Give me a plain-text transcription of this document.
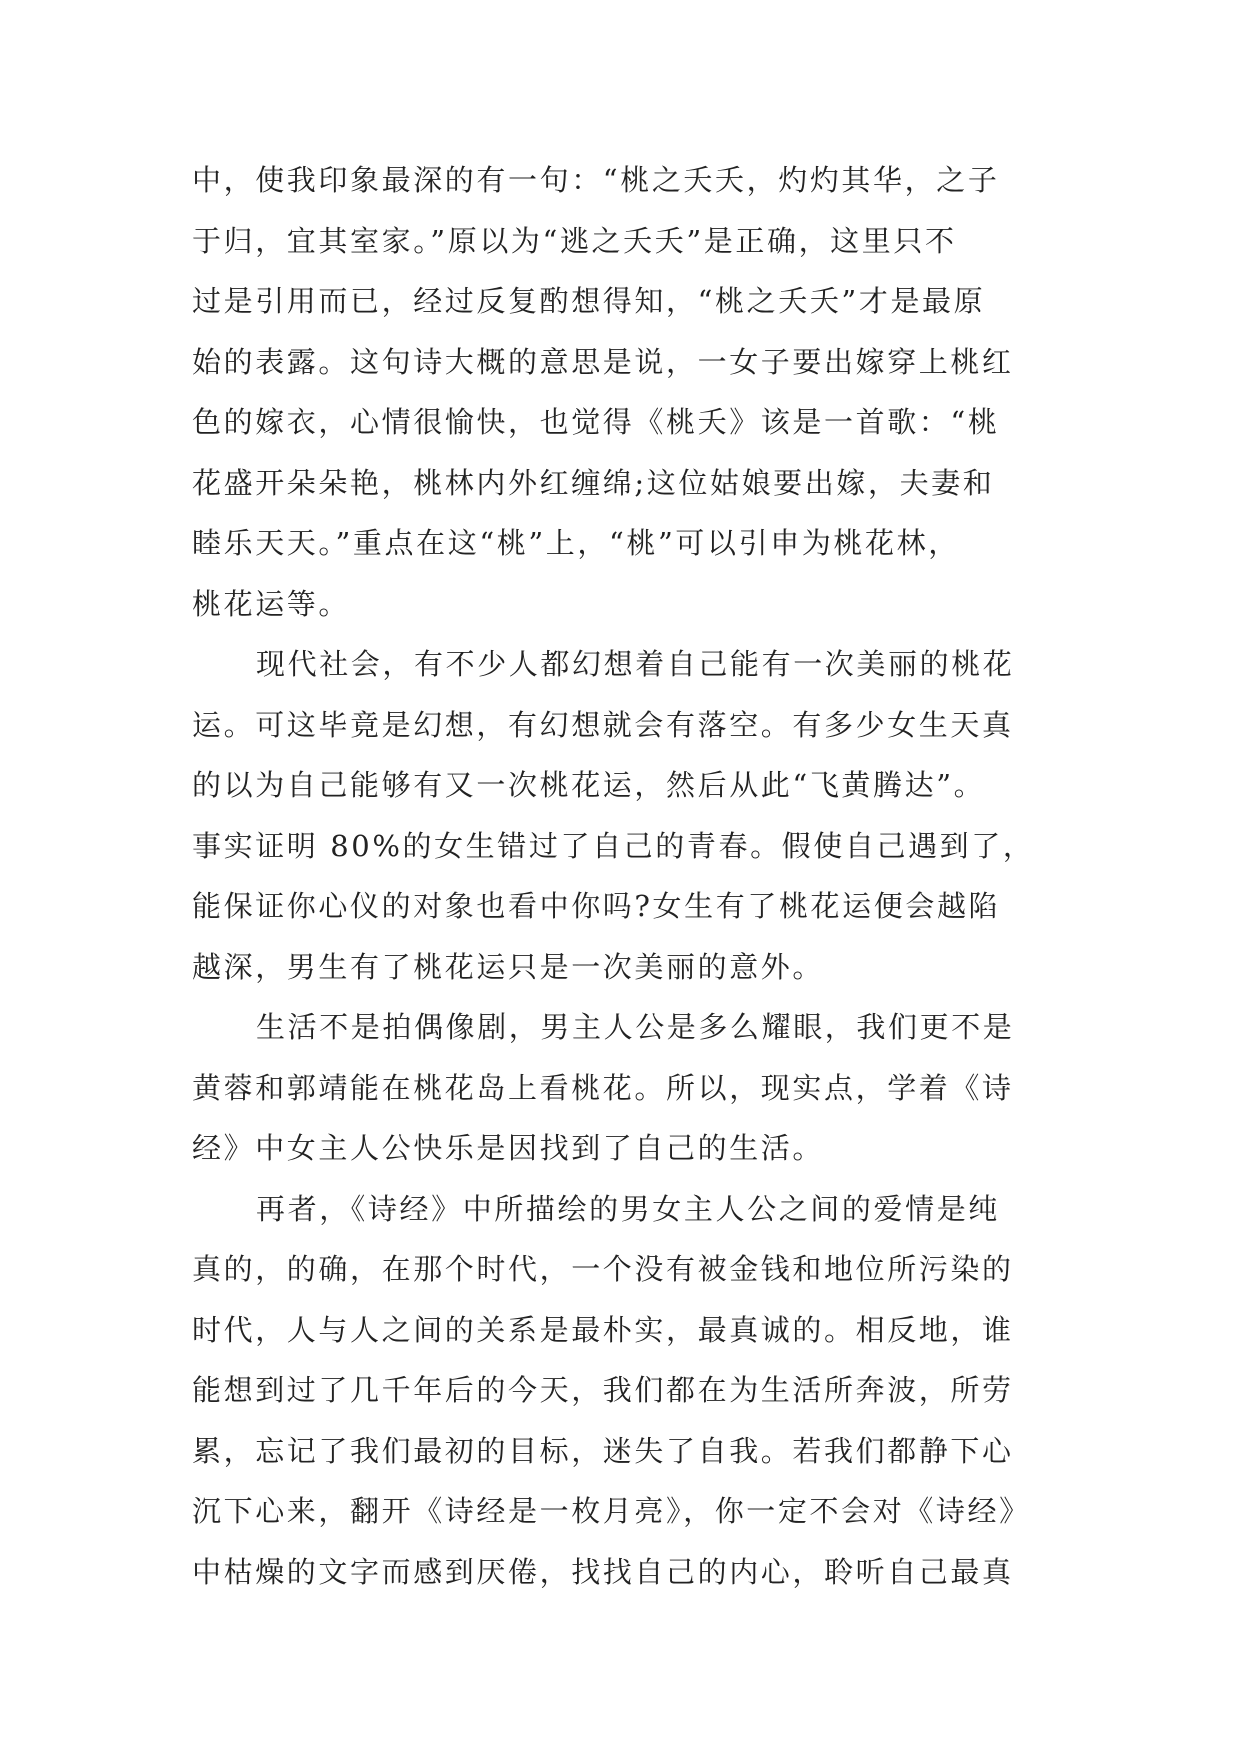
中，使我印象最深的有一句：“桃之夭夭，灼灼其华，之子
于归，宜其室家。”原以为“逃之夭夭”是正确，这里只不
过是引用而已，经过反复酌想得知，“桃之夭夭”才是最原
始的表露。这句诗大概的意思是说，一女子要出嫁穿上桃红
色的嫁衣，心情很愉快，也觉得《桃夭》该是一首歌：“桃
花盛开朵朵艳，桃林内外红缠绵;这位姑娘要出嫁，夫妻和
睦乐天天。”重点在这“桃”上，“桃”可以引申为桃花林，
桃花运等。
现代社会，有不少人都幻想着自己能有一次美丽的桃花
运。可这毕竟是幻想，有幻想就会有落空。有多少女生天真
的以为自己能够有又一次桃花运，然后从此“飞黄腾达”。
事实证明 80%的女生错过了自己的青春。假使自己遇到了，
能保证你心仪的对象也看中你吗?女生有了桃花运便会越陷
越深，男生有了桃花运只是一次美丽的意外。
生活不是拍偶像剧，男主人公是多么耀眼，我们更不是
黄蓉和郭靖能在桃花岛上看桃花。所以，现实点，学着《诗
经》中女主人公快乐是因找到了自己的生活。
再者，《诗经》中所描绘的男女主人公之间的爱情是纯
真的，的确，在那个时代，一个没有被金钱和地位所污染的
时代，人与人之间的关系是最朴实，最真诚的。相反地，谁
能想到过了几千年后的今天，我们都在为生活所奔波，所劳
累，忘记了我们最初的目标，迷失了自我。若我们都静下心
沉下心来，翻开《诗经是一枚月亮》，你一定不会对《诗经》
中枯燥的文字而感到厌倦，找找自己的内心，聆听自己最真
